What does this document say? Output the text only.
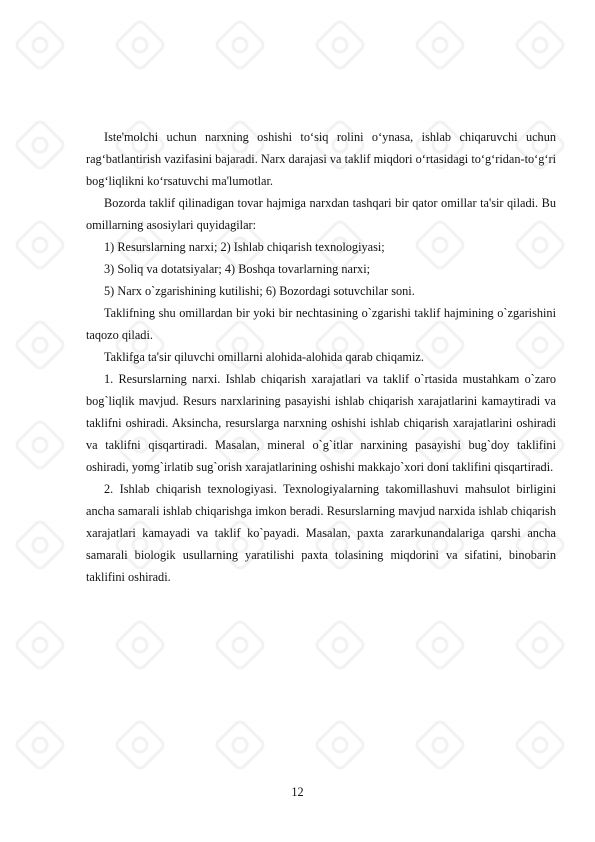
Iste'molchi uchun narxning oshishi to‘siq rolini o‘ynasa, ishlab chiqaruvchi uchun rag‘batlantirish vazifasini bajaradi. Narx darajasi va taklif miqdori o‘rtasidagi to‘g‘ridan-to‘g‘ri bog‘liqlikni ko‘rsatuvchi ma'lumotlar.

Bozorda taklif qilinadigan tovar hajmiga narxdan tashqari bir qator omillar ta'sir qiladi. Bu omillarning asosiylari quyidagilar:

1) Resurslarning narxi; 2) Ishlab chiqarish texnologiyasi;

3) Soliq va dotatsiyalar; 4) Boshqa tovarlarning narxi;

5) Narx o`zgarishining kutilishi; 6) Bozordagi sotuvchilar soni.

Taklifning shu omillardan bir yoki bir nechtasining o`zgarishi taklif hajmining o`zgarishini taqozo qiladi.

Taklifga ta'sir qiluvchi omillarni alohida-alohida qarab chiqamiz.

1. Resurslarning narxi. Ishlab chiqarish xarajatlari va taklif o`rtasida mustahkam o`zaro bog`liqlik mavjud. Resurs narxlarining pasayishi ishlab chiqarish xarajatlarini kamaytiradi va taklifni oshiradi. Aksincha, resurslarga narxning oshishi ishlab chiqarish xarajatlarini oshiradi va taklifni qisqartiradi. Masalan, mineral o`g`itlar narxining pasayishi bug`doy taklifini oshiradi, yomg`irlatib sug`orish xarajatlarining oshishi makkajo`xori doni taklifini qisqartiradi.

2. Ishlab chiqarish texnologiyasi. Texnologiyalarning takomillashuvi mahsulot birligini ancha samarali ishlab chiqarishga imkon beradi. Resurslarning mavjud narxida ishlab chiqarish xarajatlari kamayadi va taklif ko`payadi. Masalan, paxta zararkunandalariga qarshi ancha samarali biologik usullarning yaratilishi paxta tolasining miqdorini va sifatini, binobarin taklifini oshiradi.

12
